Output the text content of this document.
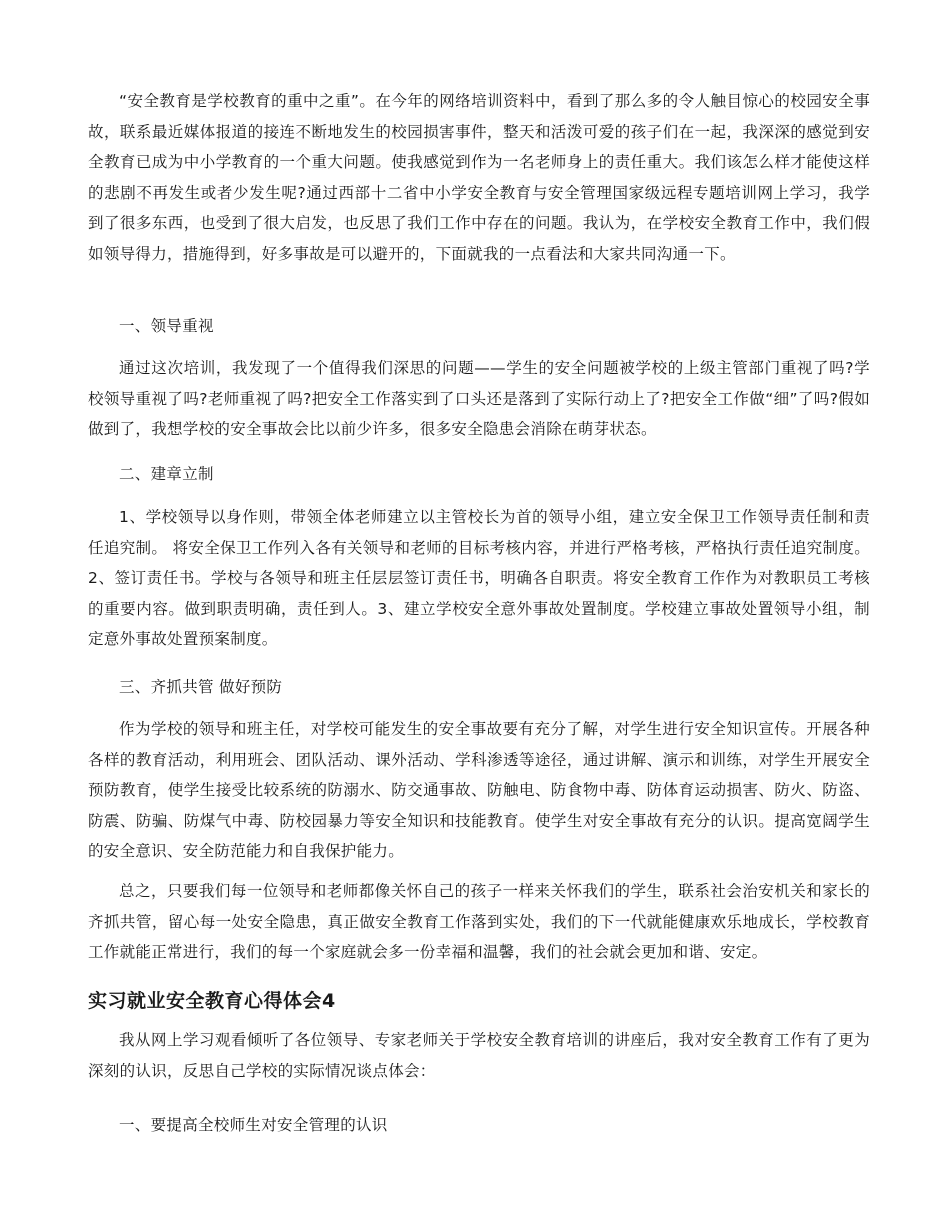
“安全教育是学校教育的重中之重”。在今年的网络培训资料中，看到了那么多的令人触目惊心的校园安全事故，联系最近媒体报道的接连不断地发生的校园损害事件，整天和活泼可爱的孩子们在一起，我深深的感觉到安全教育已成为中小学教育的一个重大问题。使我感觉到作为一名老师身上的责任重大。我们该怎么样才能使这样的悲剧不再发生或者少发生呢?通过西部十二省中小学安全教育与安全管理国家级远程专题培训网上学习，我学到了很多东西，也受到了很大启发，也反思了我们工作中存在的问题。我认为，在学校安全教育工作中，我们假如领导得力，措施得到，好多事故是可以避开的，下面就我的一点看法和大家共同沟通一下。

一、领导重视

通过这次培训，我发现了一个值得我们深思的问题——学生的安全问题被学校的上级主管部门重视了吗?学校领导重视了吗?老师重视了吗?把安全工作落实到了口头还是落到了实际行动上了?把安全工作做“细”了吗?假如做到了，我想学校的安全事故会比以前少许多，很多安全隐患会消除在萌芽状态。

二、建章立制

1、学校领导以身作则，带领全体老师建立以主管校长为首的领导小组，建立安全保卫工作领导责任制和责任追究制。 将安全保卫工作列入各有关领导和老师的目标考核内容，并进行严格考核，严格执行责任追究制度。2、签订责任书。学校与各领导和班主任层层签订责任书，明确各自职责。将安全教育工作作为对教职员工考核的重要内容。做到职责明确，责任到人。3、建立学校安全意外事故处置制度。学校建立事故处置领导小组，制定意外事故处置预案制度。

三、齐抓共管 做好预防

作为学校的领导和班主任，对学校可能发生的安全事故要有充分了解，对学生进行安全知识宣传。开展各种各样的教育活动，利用班会、团队活动、课外活动、学科渗透等途径，通过讲解、演示和训练，对学生开展安全预防教育，使学生接受比较系统的防溺水、防交通事故、防触电、防食物中毒、防体育运动损害、防火、防盗、防震、防骗、防煤气中毒、防校园暴力等安全知识和技能教育。使学生对安全事故有充分的认识。提高宽阔学生的安全意识、安全防范能力和自我保护能力。

总之，只要我们每一位领导和老师都像关怀自己的孩子一样来关怀我们的学生，联系社会治安机关和家长的齐抓共管，留心每一处安全隐患，真正做安全教育工作落到实处，我们的下一代就能健康欢乐地成长，学校教育工作就能正常进行，我们的每一个家庭就会多一份幸福和温馨，我们的社会就会更加和谐、安定。

实习就业安全教育心得体会4

我从网上学习观看倾听了各位领导、专家老师关于学校安全教育培训的讲座后，我对安全教育工作有了更为深刻的认识，反思自己学校的实际情况谈点体会：

一、要提高全校师生对安全管理的认识
